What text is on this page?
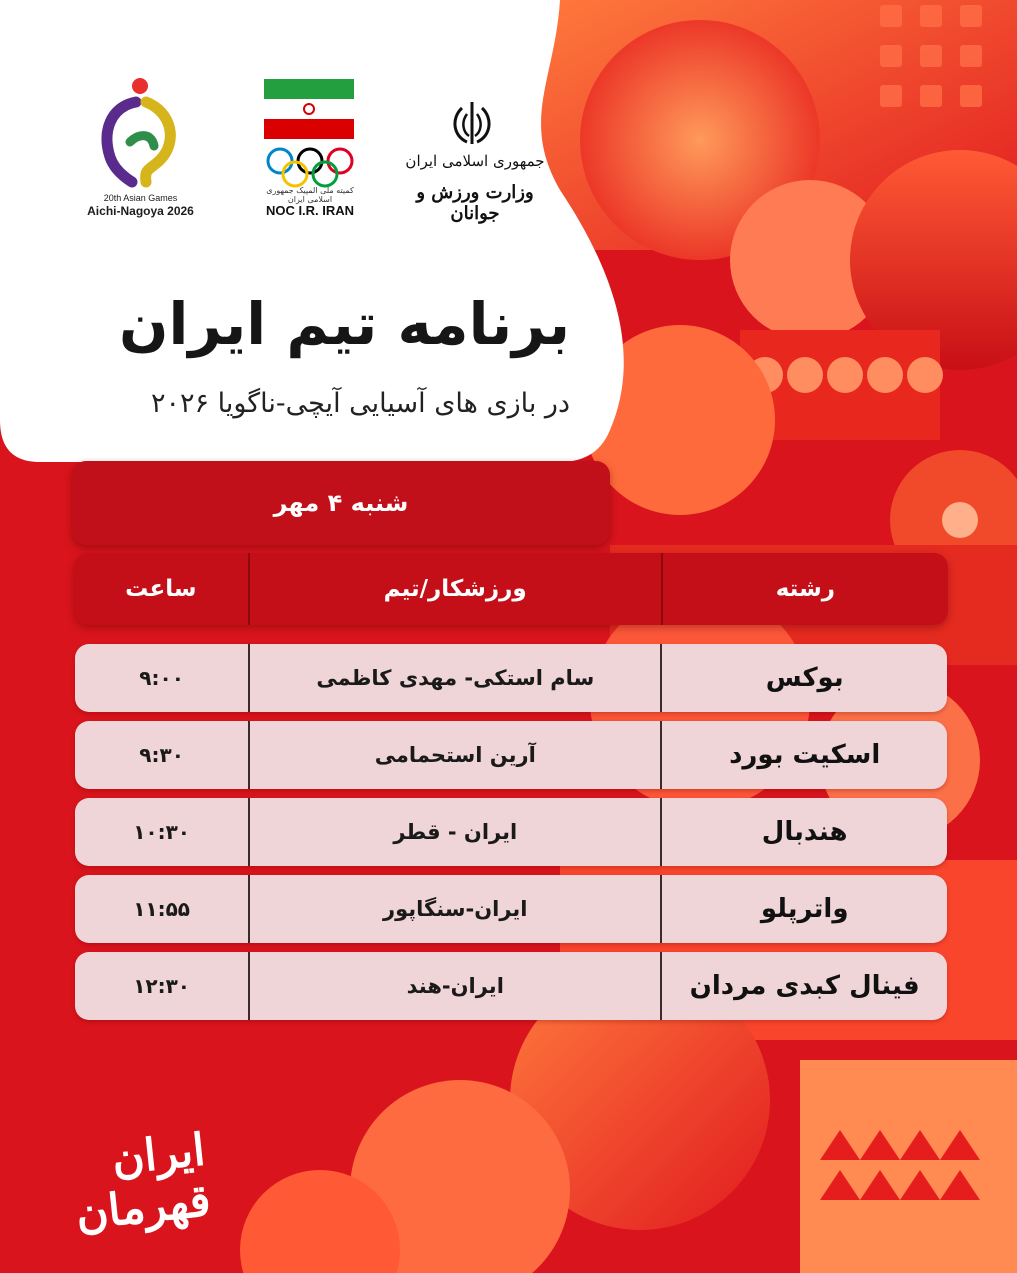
20th Asian Games
Aichi-Nagoya 2026
کمیته ملی المپیک جمهوری اسلامی ایران
NOC I.R. IRAN
جمهوری اسلامی ایران
وزارت ورزش و جوانان
برنامه تیم ایران
در بازی های آسیایی آیچی-ناگویا ۲۰۲۶
شنبه ۴ مهر
رشته
ورزشکار/تیم
ساعت
بوکس
سام استکی- مهدی کاظمی
۹:۰۰
اسکیت بورد
آرین استحمامی
۹:۳۰
هندبال
ایران - قطر
۱۰:۳۰
واترپلو
ایران-سنگاپور
۱۱:۵۵
فینال کبدی مردان
ایران-هند
۱۲:۳۰
ایران قهرمان
